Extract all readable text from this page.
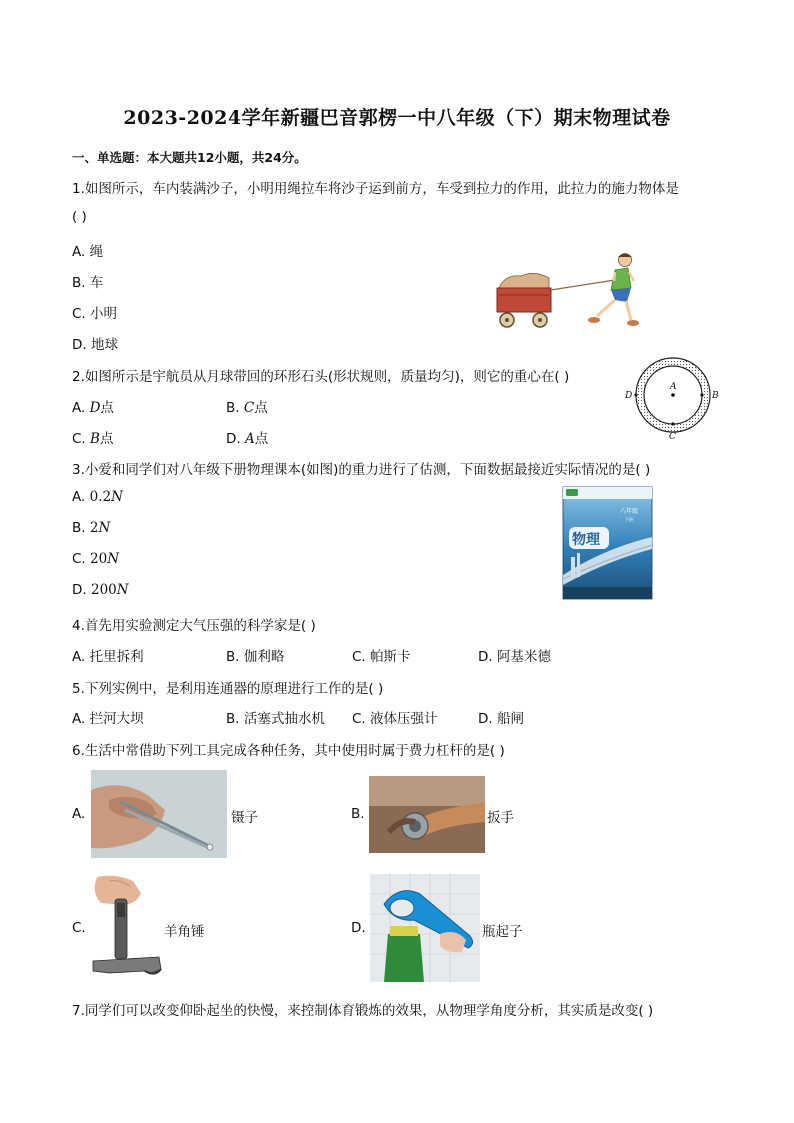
2023-2024学年新疆巴音郭楞一中八年级（下）期末物理试卷
一、单选题：本大题共12小题，共24分。
1.如图所示，车内装满沙子，小明用绳拉车将沙子运到前方，车受到拉力的作用，此拉力的施力物体是
( )
A. 绳
B. 车
C. 小明
D. 地球
2.如图所示是宇航员从月球带回的环形石头(形状规则，质量均匀)，则它的重心在( )
A. D点	B. C点
C. B点	D. A点
A
D	B
C
3.小爱和同学们对八年级下册物理课本(如图)的重力进行了估测，下面数据最接近实际情况的是( )
A. 0.2N
B. 2N
C. 20N
D. 200N
八年级
下册
物理
4.首先用实验测定大气压强的科学家是( )
A. 托里拆利	B. 伽利略	C. 帕斯卡	D. 阿基米德
5.下列实例中，是利用连通器的原理进行工作的是( )
A. 拦河大坝	B. 活塞式抽水机 C. 液体压强计	D. 船闸
6.生活中常借助下列工具完成各种任务，其中使用时属于费力杠杆的是( )
A.	镊子	B.	扳手
C.	羊角锤	D.	瓶起子
7.同学们可以改变仰卧起坐的快慢，来控制体育锻炼的效果，从物理学角度分析，其实质是改变( )
